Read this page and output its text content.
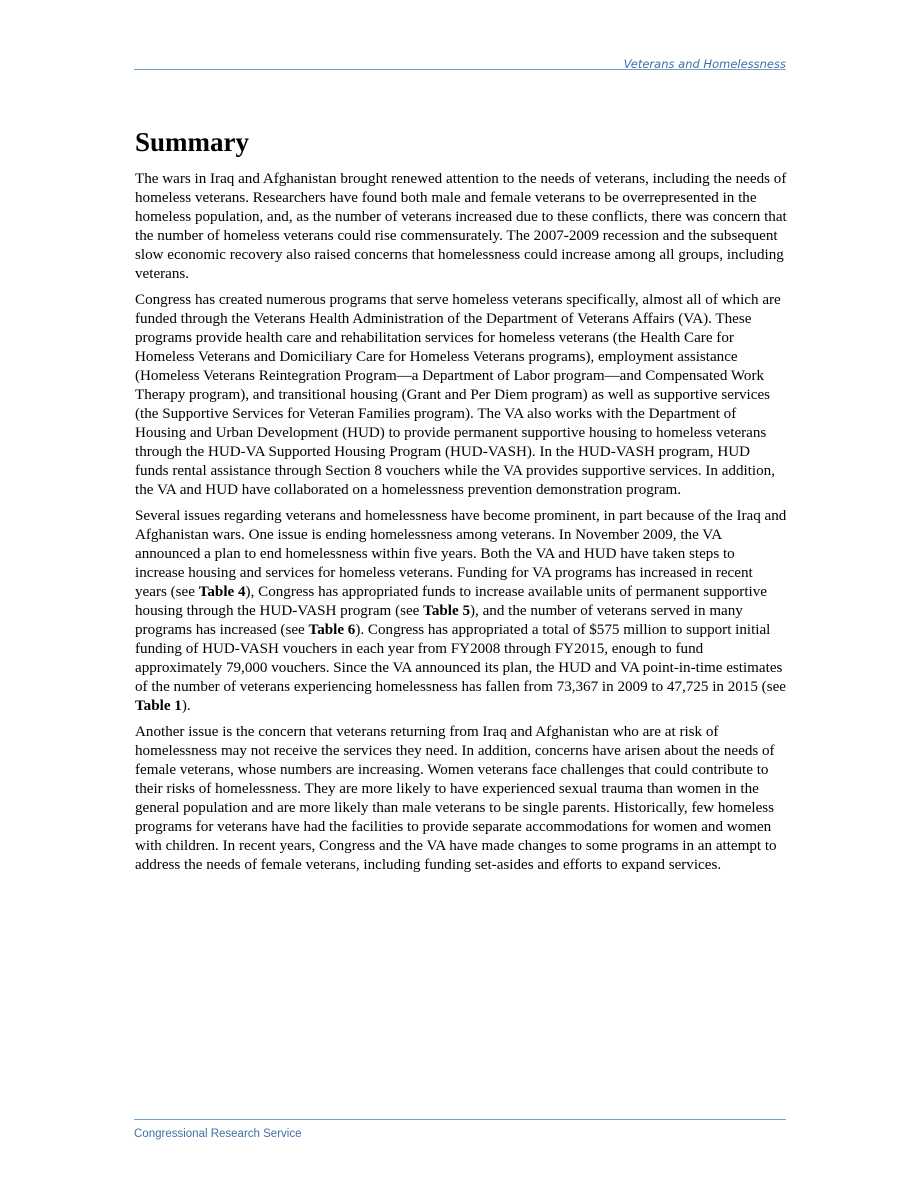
Veterans and Homelessness
Summary

The wars in Iraq and Afghanistan brought renewed attention to the needs of veterans, including the needs of homeless veterans. Researchers have found both male and female veterans to be overrepresented in the homeless population, and, as the number of veterans increased due to these conflicts, there was concern that the number of homeless veterans could rise commensurately. The 2007-2009 recession and the subsequent slow economic recovery also raised concerns that homelessness could increase among all groups, including veterans.

Congress has created numerous programs that serve homeless veterans specifically, almost all of which are funded through the Veterans Health Administration of the Department of Veterans Affairs (VA). These programs provide health care and rehabilitation services for homeless veterans (the Health Care for Homeless Veterans and Domiciliary Care for Homeless Veterans programs), employment assistance (Homeless Veterans Reintegration Program—a Department of Labor program—and Compensated Work Therapy program), and transitional housing (Grant and Per Diem program) as well as supportive services (the Supportive Services for Veteran Families program). The VA also works with the Department of Housing and Urban Development (HUD) to provide permanent supportive housing to homeless veterans through the HUD-VA Supported Housing Program (HUD-VASH). In the HUD-VASH program, HUD funds rental assistance through Section 8 vouchers while the VA provides supportive services. In addition, the VA and HUD have collaborated on a homelessness prevention demonstration program.

Several issues regarding veterans and homelessness have become prominent, in part because of the Iraq and Afghanistan wars. One issue is ending homelessness among veterans. In November 2009, the VA announced a plan to end homelessness within five years. Both the VA and HUD have taken steps to increase housing and services for homeless veterans. Funding for VA programs has increased in recent years (see Table 4), Congress has appropriated funds to increase available units of permanent supportive housing through the HUD-VASH program (see Table 5), and the number of veterans served in many programs has increased (see Table 6). Congress has appropriated a total of $575 million to support initial funding of HUD-VASH vouchers in each year from FY2008 through FY2015, enough to fund approximately 79,000 vouchers. Since the VA announced its plan, the HUD and VA point-in-time estimates of the number of veterans experiencing homelessness has fallen from 73,367 in 2009 to 47,725 in 2015 (see Table 1).

Another issue is the concern that veterans returning from Iraq and Afghanistan who are at risk of homelessness may not receive the services they need. In addition, concerns have arisen about the needs of female veterans, whose numbers are increasing. Women veterans face challenges that could contribute to their risks of homelessness. They are more likely to have experienced sexual trauma than women in the general population and are more likely than male veterans to be single parents. Historically, few homeless programs for veterans have had the facilities to provide separate accommodations for women and women with children. In recent years, Congress and the VA have made changes to some programs in an attempt to address the needs of female veterans, including funding set-asides and efforts to expand services.

Congressional Research Service
